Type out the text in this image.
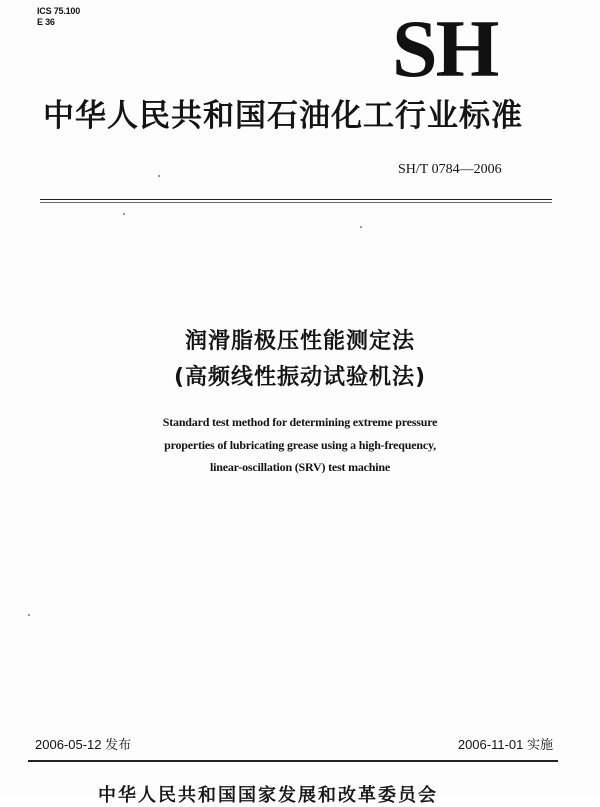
ICS 75.100
E 36	SH
中华人民共和国石油化工行业标准
SH/T 0784—2006
润滑脂极压性能测定法
(高频线性振动试验机法)
Standard test method for determining extreme pressure
properties of lubricating grease using a high-frequency,
linear-oscillation (SRV) test machine
2006-05-12 发布	2006-11-01 实施
中华人民共和国国家发展和改革委员会
